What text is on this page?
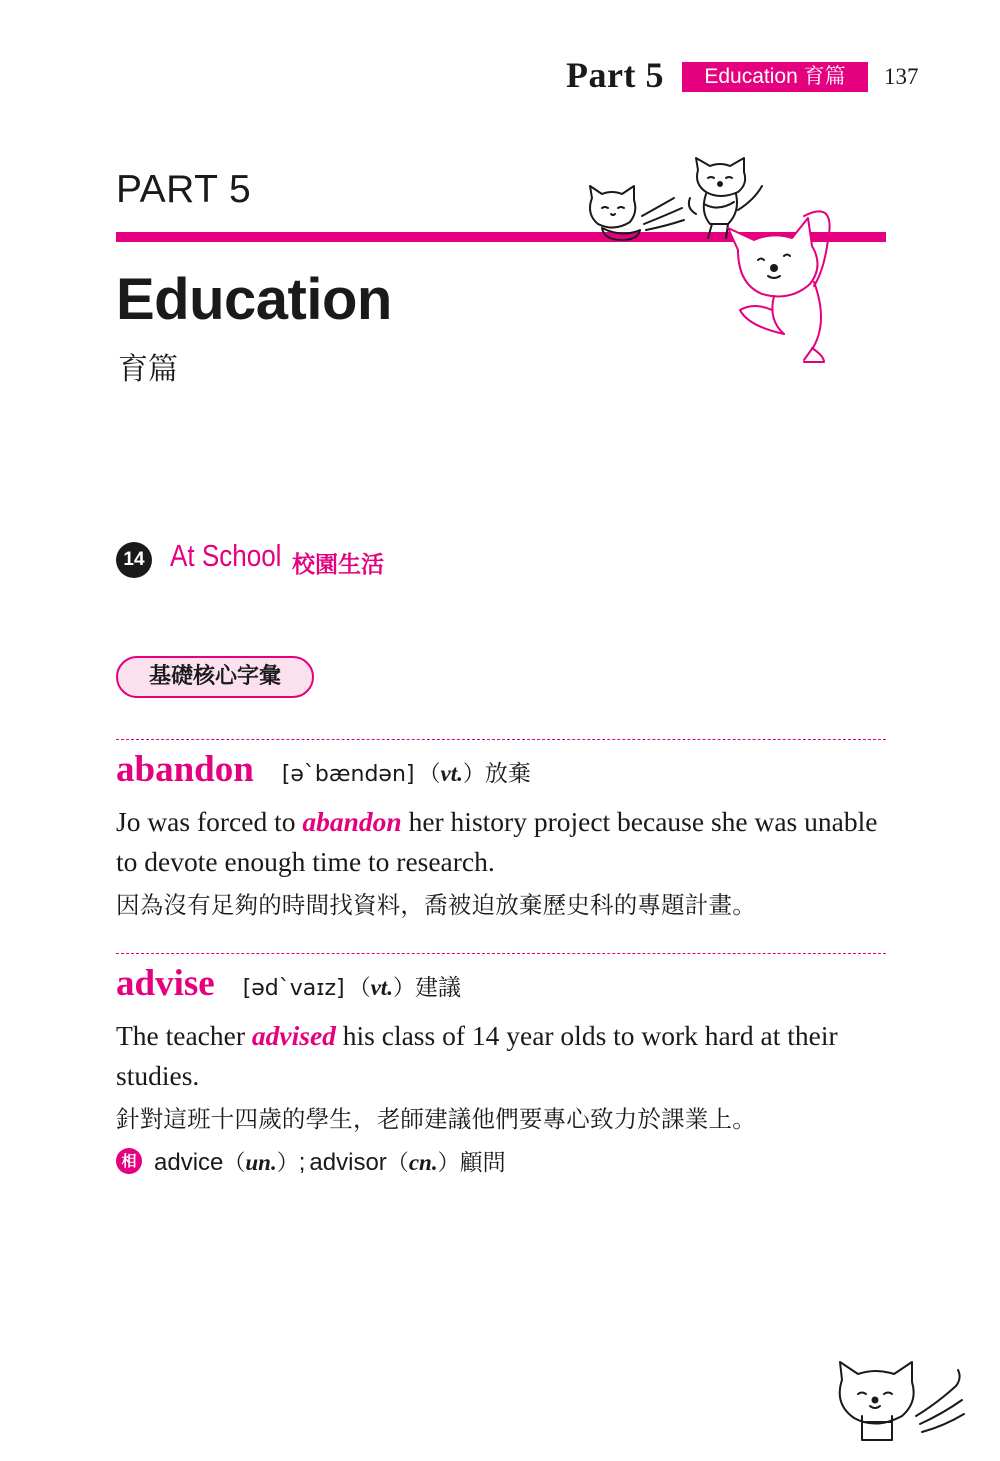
Part 5	Education 育篇	137
PART 5
Education
育篇
14 At School 校園生活
基礎核心字彙
abandon [ə`bændən] （vt.）放棄
Jo was forced to abandon her history project because she was unable to devote enough time to research.
因為沒有足夠的時間找資料，喬被迫放棄歷史科的專題計畫。
advise [əd`vaɪz] （vt.）建議
The teacher advised his class of 14 year olds to work hard at their studies.
針對這班十四歲的學生，老師建議他們要專心致力於課業上。
相 advice（un.）; advisor（cn.）顧問
